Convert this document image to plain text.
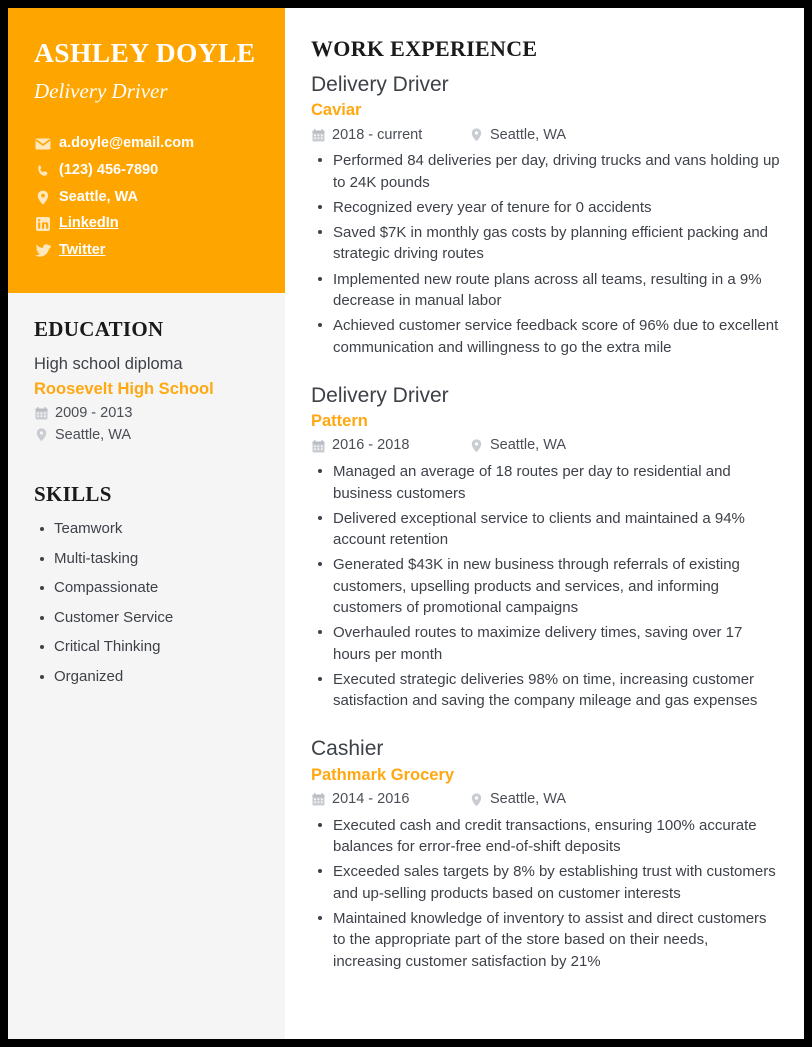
ASHLEY DOYLE
Delivery Driver
a.doyle@email.com
(123) 456-7890
Seattle, WA
LinkedIn
Twitter
EDUCATION
High school diploma
Roosevelt High School
2009 - 2013
Seattle, WA
SKILLS
Teamwork
Multi-tasking
Compassionate
Customer Service
Critical Thinking
Organized
WORK EXPERIENCE
Delivery Driver
Caviar
2018 - current	Seattle, WA
Performed 84 deliveries per day, driving trucks and vans holding up to 24K pounds
Recognized every year of tenure for 0 accidents
Saved $7K in monthly gas costs by planning efficient packing and strategic driving routes
Implemented new route plans across all teams, resulting in a 9% decrease in manual labor
Achieved customer service feedback score of 96% due to excellent communication and willingness to go the extra mile
Delivery Driver
Pattern
2016 - 2018	Seattle, WA
Managed an average of 18 routes per day to residential and business customers
Delivered exceptional service to clients and maintained a 94% account retention
Generated $43K in new business through referrals of existing customers, upselling products and services, and informing customers of promotional campaigns
Overhauled routes to maximize delivery times, saving over 17 hours per month
Executed strategic deliveries 98% on time, increasing customer satisfaction and saving the company mileage and gas expenses
Cashier
Pathmark Grocery
2014 - 2016	Seattle, WA
Executed cash and credit transactions, ensuring 100% accurate balances for error-free end-of-shift deposits
Exceeded sales targets by 8% by establishing trust with customers and up-selling products based on customer interests
Maintained knowledge of inventory to assist and direct customers to the appropriate part of the store based on their needs, increasing customer satisfaction by 21%
